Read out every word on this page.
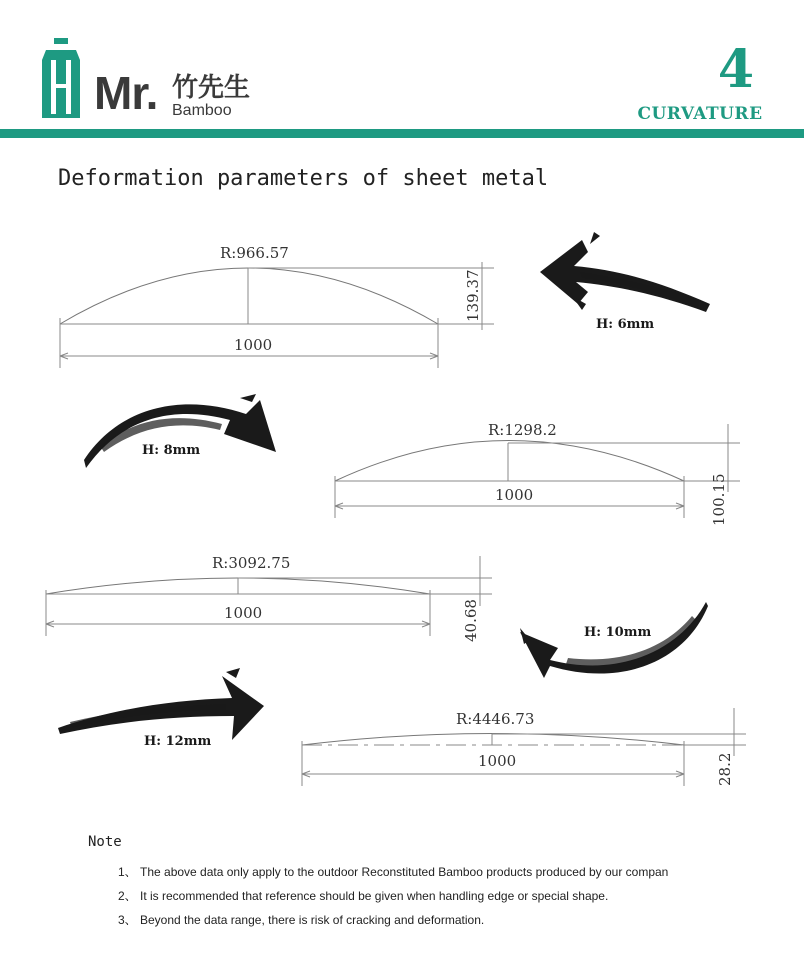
Mr. 竹先生
Bamboo
4
CURVATURE
Deformation parameters of sheet metal
R:966.57
1000
139.37
R:1298.2
1000	100.15
R:3092.75
1000	40.68
R:4446.73
1000	28.2
H: 6mm
H: 8mm
H: 10mm
H: 12mm
Note
1、 The above data only apply to the outdoor Reconstituted Bamboo products produced by our compan
2、 It is recommended that reference should be given when handling edge or special shape.
3、 Beyond the data range, there is risk of cracking and deformation.
